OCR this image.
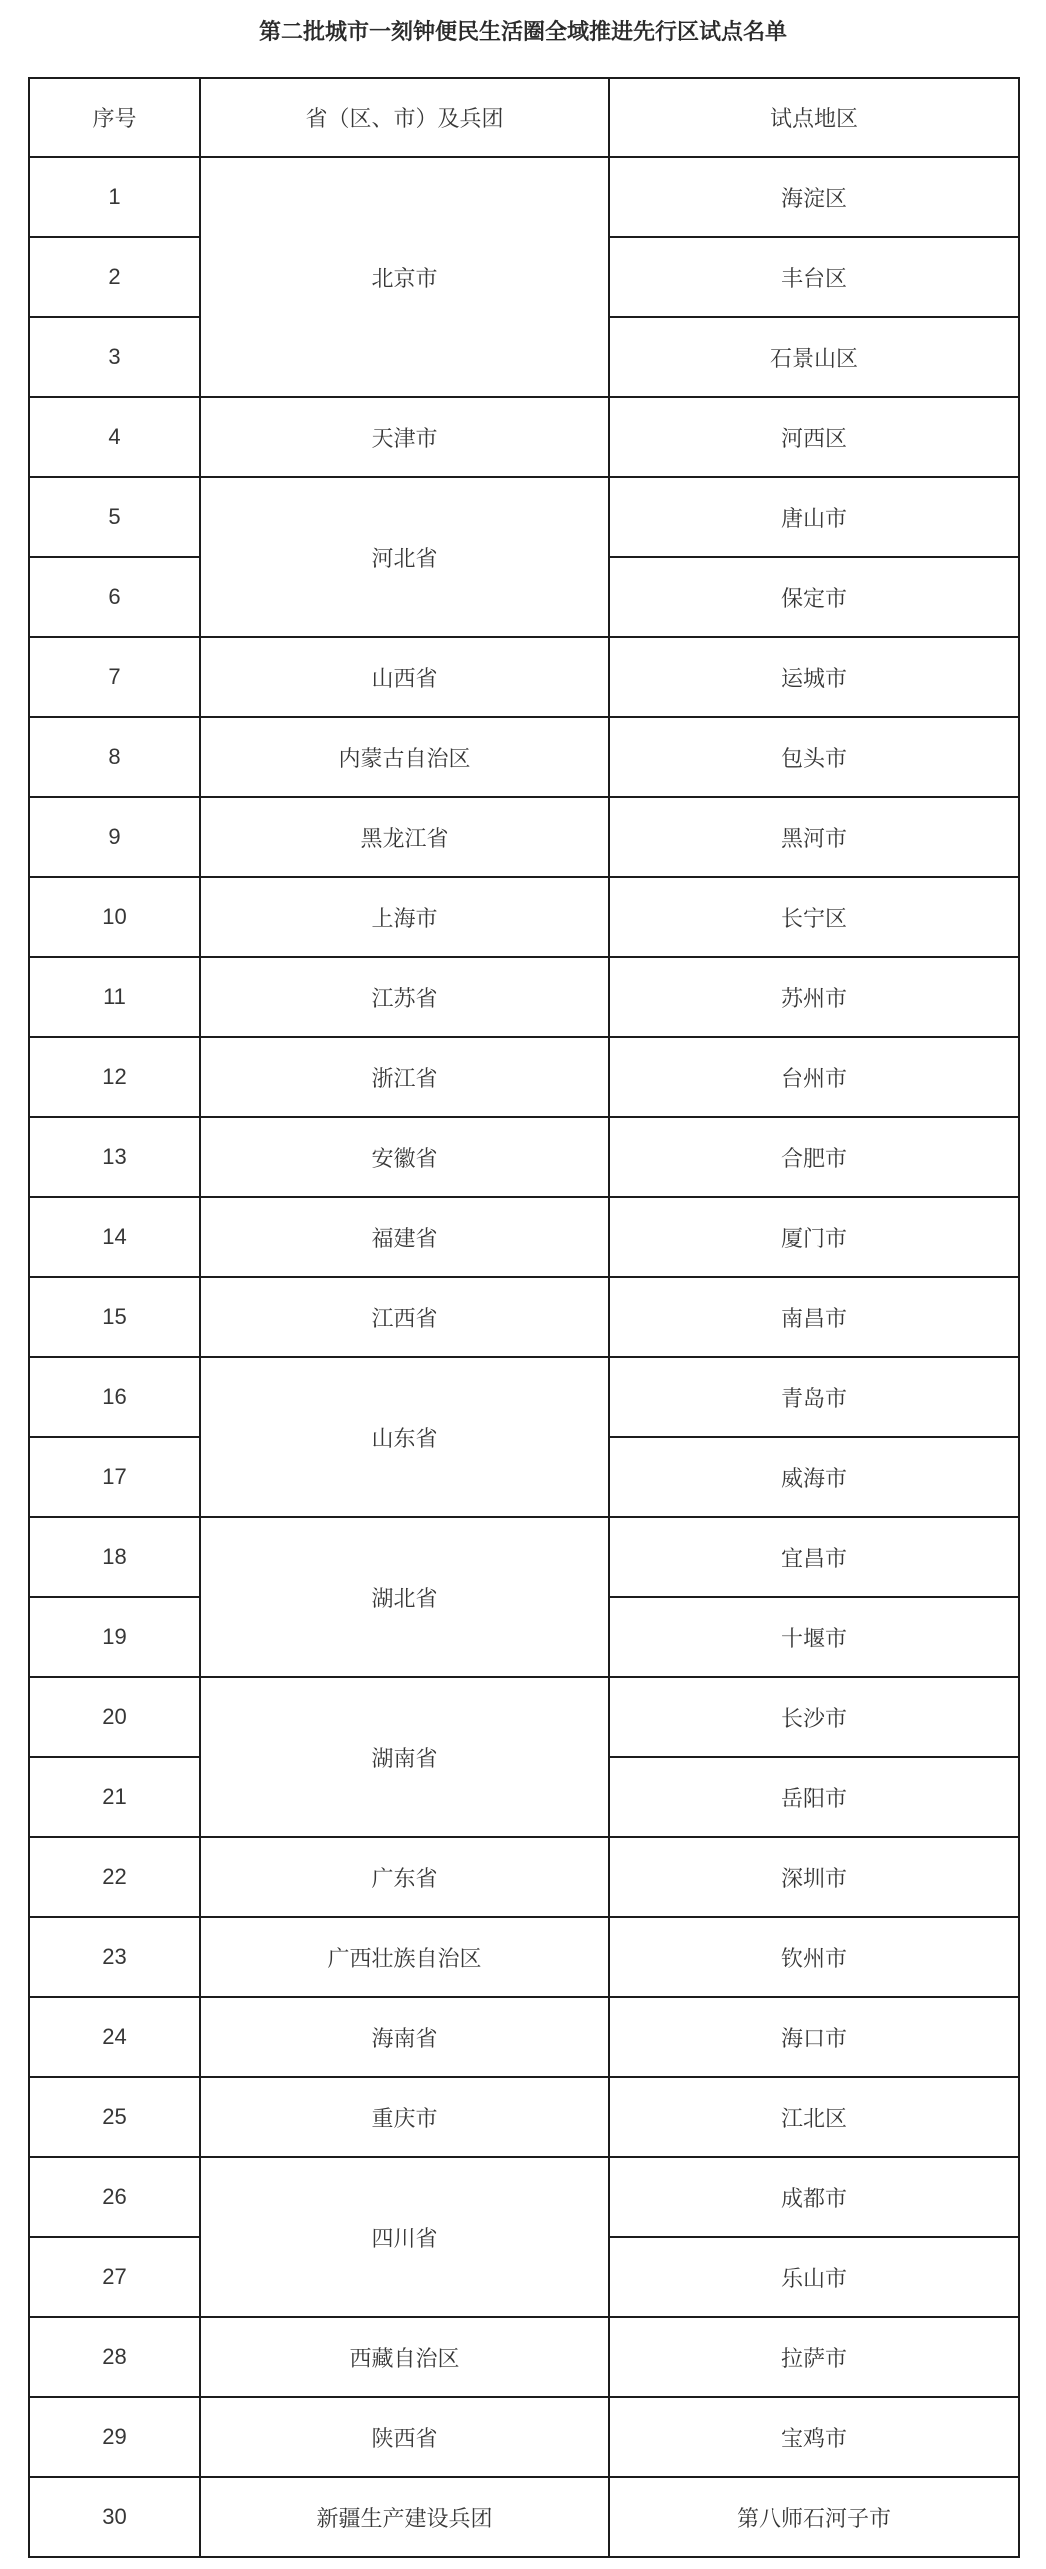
第二批城市一刻钟便民生活圈全域推进先行区试点名单
序号	省（区、市）及兵团	试点地区
1	北京市	海淀区
2		丰台区
3		石景山区
4	天津市	河西区
5	河北省	唐山市
6		保定市
7	山西省	运城市
8	内蒙古自治区	包头市
9	黑龙江省	黑河市
10	上海市	长宁区
11	江苏省	苏州市
12	浙江省	台州市
13	安徽省	合肥市
14	福建省	厦门市
15	江西省	南昌市
16	山东省	青岛市
17		威海市
18	湖北省	宜昌市
19		十堰市
20	湖南省	长沙市
21		岳阳市
22	广东省	深圳市
23	广西壮族自治区	钦州市
24	海南省	海口市
25	重庆市	江北区
26	四川省	成都市
27		乐山市
28	西藏自治区	拉萨市
29	陕西省	宝鸡市
30	新疆生产建设兵团	第八师石河子市
